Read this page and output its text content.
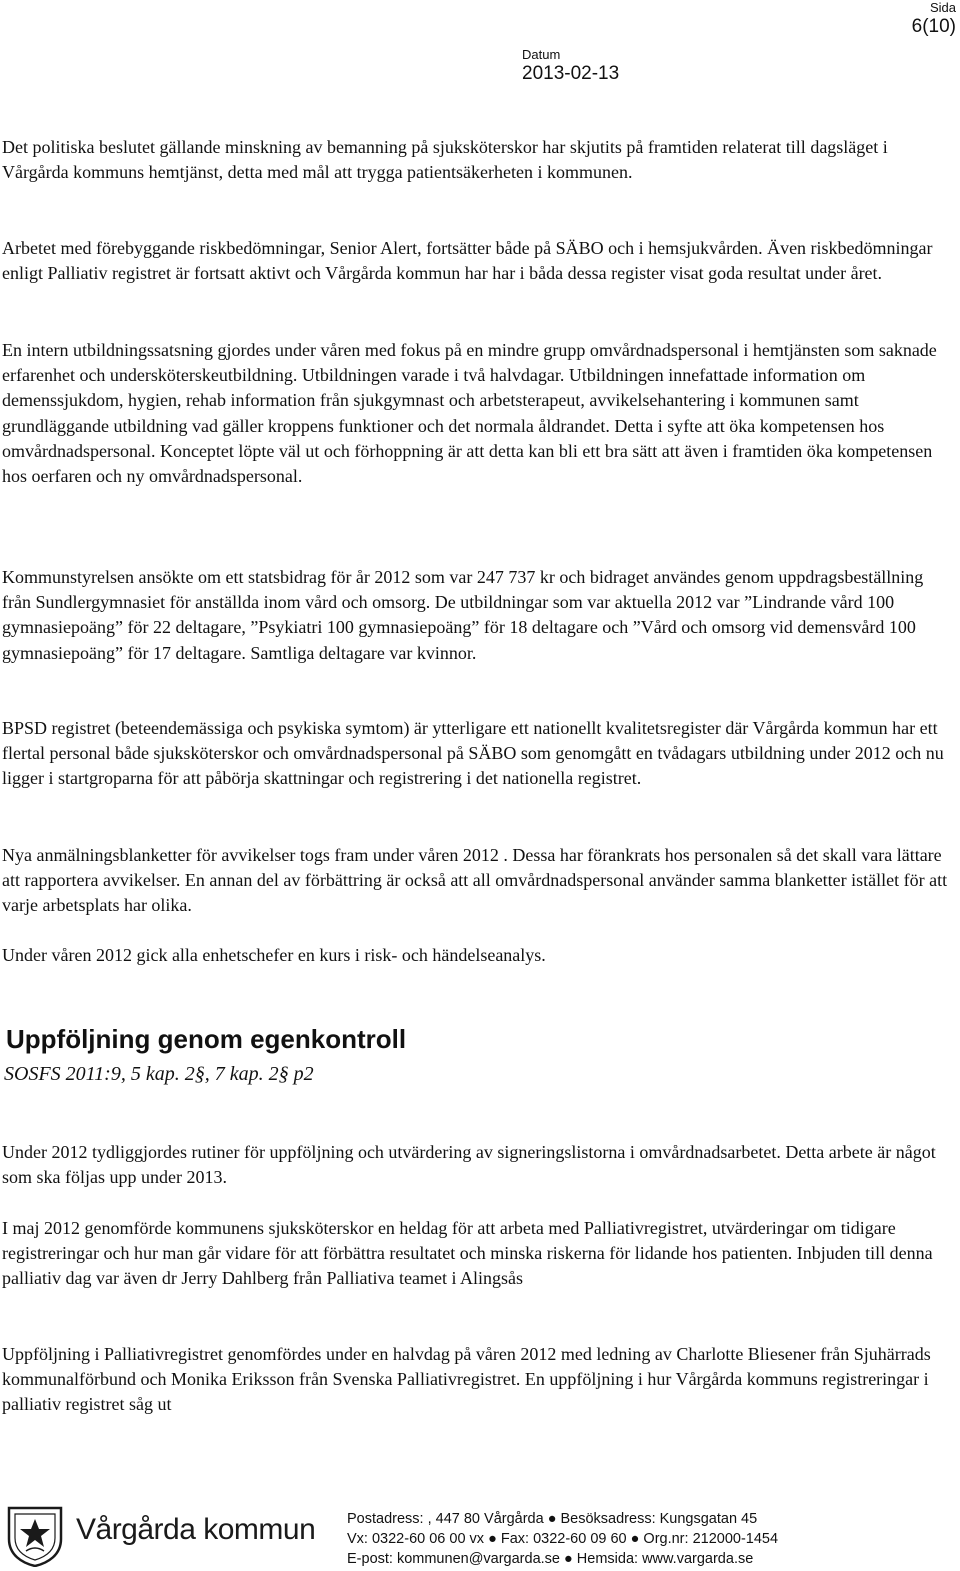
Sida
6(10)
Datum
2013-02-13

Det politiska beslutet gällande minskning av bemanning på sjuksköterskor har skjutits på framtiden relaterat till dagsläget i Vårgårda kommuns hemtjänst, detta med mål att trygga patientsäkerheten i kommunen.

Arbetet med förebyggande riskbedömningar, Senior Alert, fortsätter både på SÄBO och i hemsjukvården. Även riskbedömningar enligt Palliativ registret är fortsatt aktivt och Vårgårda kommun har har i båda dessa register visat goda resultat under året.

En intern utbildningssatsning gjordes under våren med fokus på en mindre grupp omvårdnadspersonal i hemtjänsten som saknade erfarenhet och undersköterskeutbildning. Utbildningen varade i två halvdagar. Utbildningen innefattade information om demenssjukdom, hygien, rehab information från sjukgymnast och arbetsterapeut, avvikelsehantering i kommunen samt grundläggande utbildning vad gäller kroppens funktioner och det normala åldrandet. Detta i syfte att öka kompetensen hos omvårdnadspersonal. Konceptet löpte väl ut och förhoppning är att detta kan bli ett bra sätt att även i framtiden öka kompetensen hos oerfaren och ny omvårdnadspersonal.

Kommunstyrelsen ansökte om ett statsbidrag för år 2012 som var 247 737 kr och bidraget användes genom uppdragsbeställning från Sundlergymnasiet för anställda inom vård och omsorg. De utbildningar som var aktuella 2012 var ”Lindrande vård 100 gymnasiepoäng” för 22 deltagare, ”Psykiatri 100 gymnasiepoäng” för 18 deltagare och ”Vård och omsorg vid demensvård 100 gymnasiepoäng” för 17 deltagare. Samtliga deltagare var kvinnor.

BPSD registret (beteendemässiga och psykiska symtom) är ytterligare ett nationellt kvalitetsregister där Vårgårda kommun har ett flertal personal både sjuksköterskor och omvårdnadspersonal på SÄBO som genomgått en tvådagars utbildning under 2012 och nu ligger i startgroparna för att påbörja skattningar och registrering i det nationella registret.

Nya anmälningsblanketter för avvikelser togs fram under våren 2012 . Dessa har förankrats hos personalen så det skall vara lättare att rapportera avvikelser. En annan del av förbättring är också att all omvårdnadspersonal använder samma blanketter istället för att varje arbetsplats har olika.

Under våren 2012 gick alla enhetschefer en kurs i risk- och händelseanalys.

Uppföljning genom egenkontroll
SOSFS 2011:9, 5 kap. 2§, 7 kap. 2§ p2

Under 2012 tydliggjordes rutiner för uppföljning och utvärdering av signeringslistorna i omvårdnadsarbetet. Detta arbete är något som ska följas upp under 2013.

I maj 2012 genomförde kommunens sjuksköterskor en heldag för att arbeta med Palliativregistret, utvärderingar om tidigare registreringar och hur man går vidare för att förbättra resultatet och minska riskerna för lidande hos patienten. Inbjuden till denna palliativ dag var även dr Jerry Dahlberg från Palliativa teamet i Alingsås

Uppföljning i Palliativregistret genomfördes under en halvdag på våren 2012 med ledning av Charlotte Bliesener från Sjuhärrads kommunalförbund och Monika Eriksson från Svenska Palliativregistret. En uppföljning i hur Vårgårda kommuns registreringar i palliativ registret såg ut

Vårgårda kommun Postadress: , 447 80 Vårgårda ● Besöksadress: Kungsgatan 45
Vx: 0322-60 06 00 vx ● Fax: 0322-60 09 60 ● Org.nr: 212000-1454
E-post: kommunen@vargarda.se ● Hemsida: www.vargarda.se
